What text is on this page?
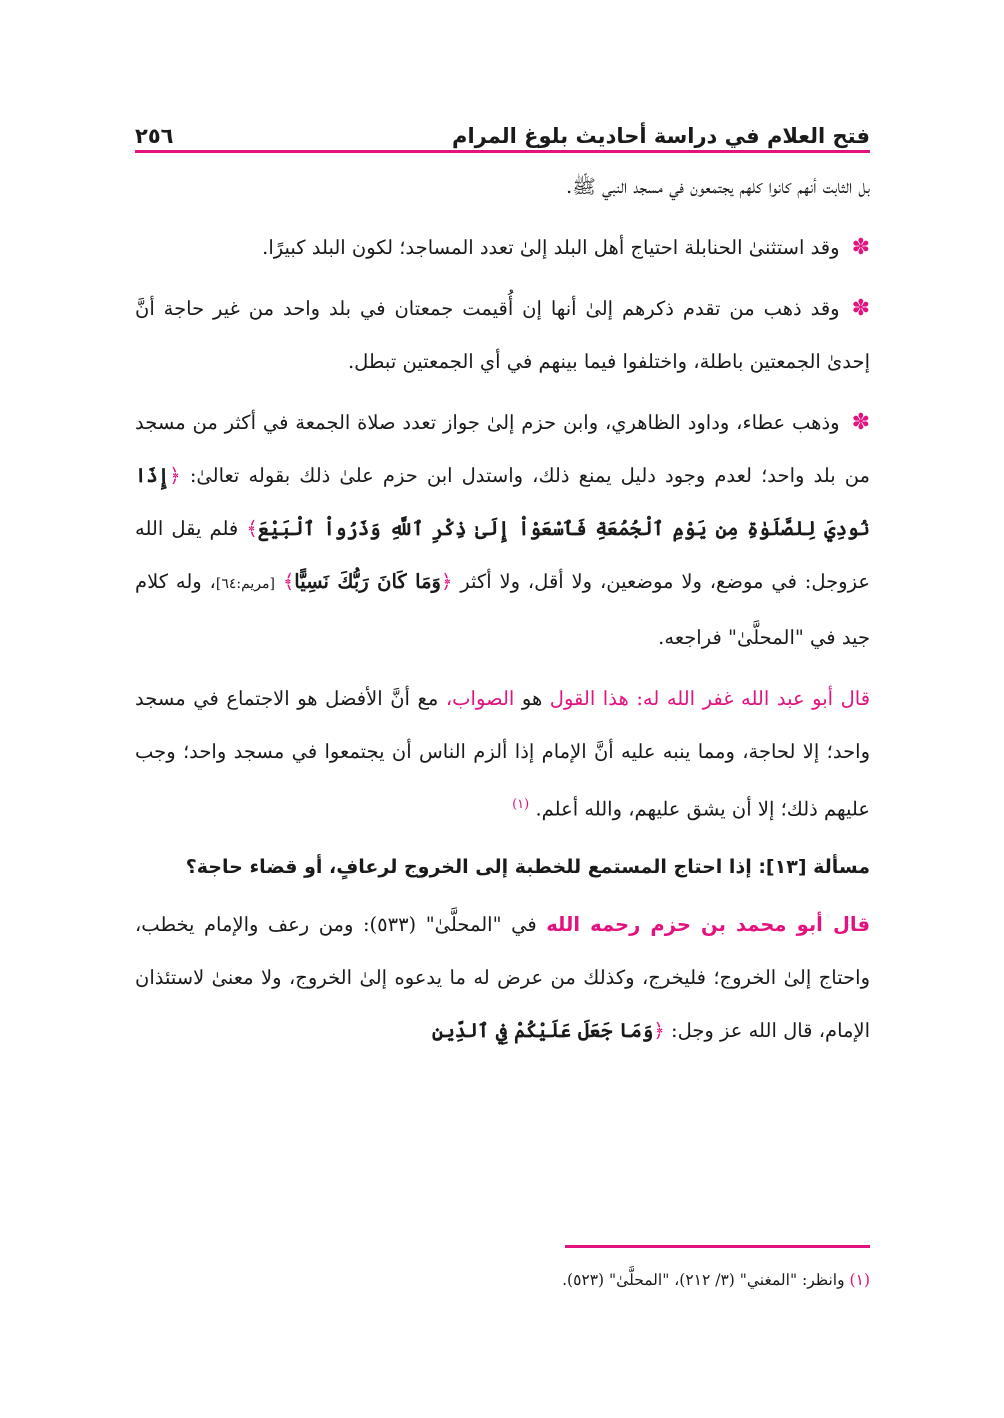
فتح العلام في دراسة أحاديث بلوغ المرام
٢٥٦

بل الثابت أنهم كانوا كلهم يجتمعون في مسجد النبي ﷺ.

✽وقد استثنىٰ الحنابلة احتياج أهل البلد إلىٰ تعدد المساجد؛ لكون البلد كبيرًا.

✽وقد ذهب من تقدم ذكرهم إلىٰ أنها إن أُقيمت جمعتان في بلد واحد من غير حاجة أنَّ إحدىٰ الجمعتين باطلة، واختلفوا فيما بينهم في أي الجمعتين تبطل.

✽وذهب عطاء، وداود الظاهري، وابن حزم إلىٰ جواز تعدد صلاة الجمعة في أكثر من مسجد من بلد واحد؛ لعدم وجود دليل يمنع ذلك، واستدل ابن حزم علىٰ ذلك بقوله تعالىٰ: ﴿إِذَا نُودِيَ لِلصَّلَوٰةِ مِن يَوْمِ ٱلْجُمُعَةِ فَٱسْعَوْاْ إِلَىٰ ذِكْرِ ٱللَّهِ وَذَرُواْ ٱلْبَيْعَ﴾ فلم يقل الله عزوجل: في موضع، ولا موضعين، ولا أقل، ولا أكثر ﴿وَمَا كَانَ رَبُّكَ نَسِيًّا﴾ [مريم:٦٤]، وله كلام جيد في "المحلَّىٰ" فراجعه.

قال أبو عبد الله غفر الله له: هذا القول هو الصواب، مع أنَّ الأفضل هو الاجتماع في مسجد واحد؛ إلا لحاجة، ومما ينبه عليه أنَّ الإمام إذا ألزم الناس أن يجتمعوا في مسجد واحد؛ وجب عليهم ذلك؛ إلا أن يشق عليهم، والله أعلم. $^{(١)}$

مسألة [١٣]: إذا احتاج المستمع للخطبة إلى الخروج لرعافٍ، أو قضاء حاجة؟

قال أبو محمد بن حزم رحمه الله في "المحلَّىٰ" (٥٣٣): ومن رعف والإمام يخطب، واحتاج إلىٰ الخروج؛ فليخرج، وكذلك من عرض له ما يدعوه إلىٰ الخروج، ولا معنىٰ لاستئذان الإمام، قال الله عز وجل: ﴿وَمَا جَعَلَ عَلَيْكُمْ فِي ٱلدِّينِ

(١) وانظر: "المغني" (٣/ ٢١٢)، "المحلَّىٰ" (٥٢٣).
